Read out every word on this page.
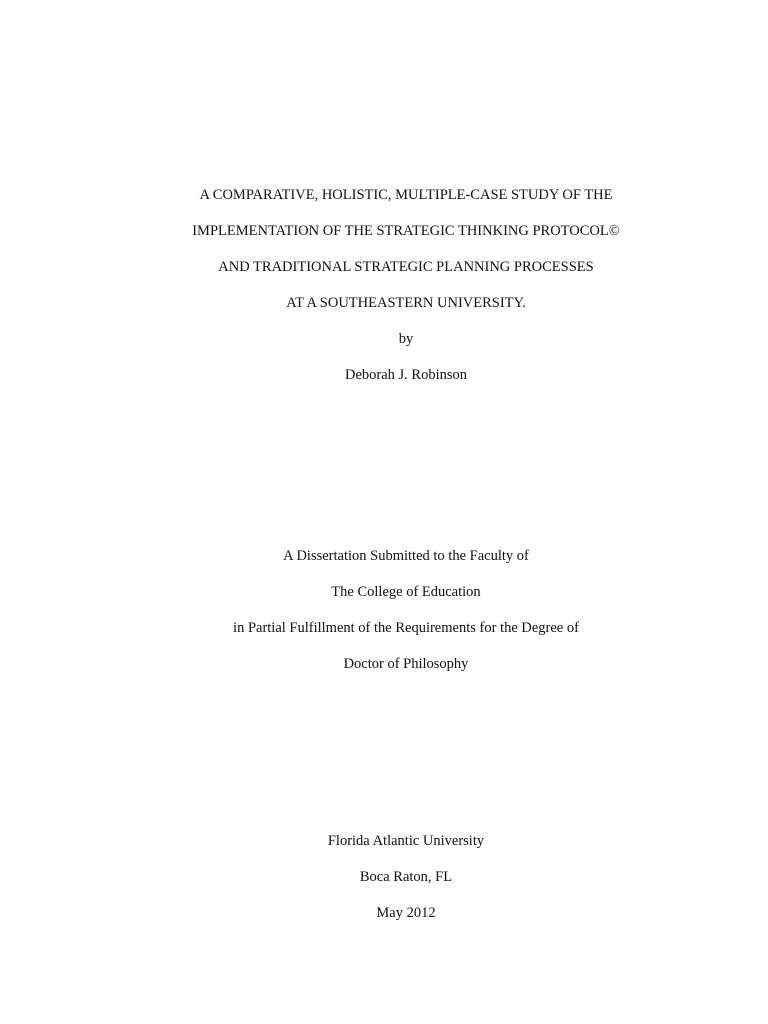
A COMPARATIVE, HOLISTIC, MULTIPLE-CASE STUDY OF THE
IMPLEMENTATION OF THE STRATEGIC THINKING PROTOCOL©
AND TRADITIONAL STRATEGIC PLANNING PROCESSES
AT A SOUTHEASTERN UNIVERSITY.
by
Deborah J. Robinson
A Dissertation Submitted to the Faculty of
The College of Education
in Partial Fulfillment of the Requirements for the Degree of
Doctor of Philosophy
Florida Atlantic University
Boca Raton, FL
May 2012
